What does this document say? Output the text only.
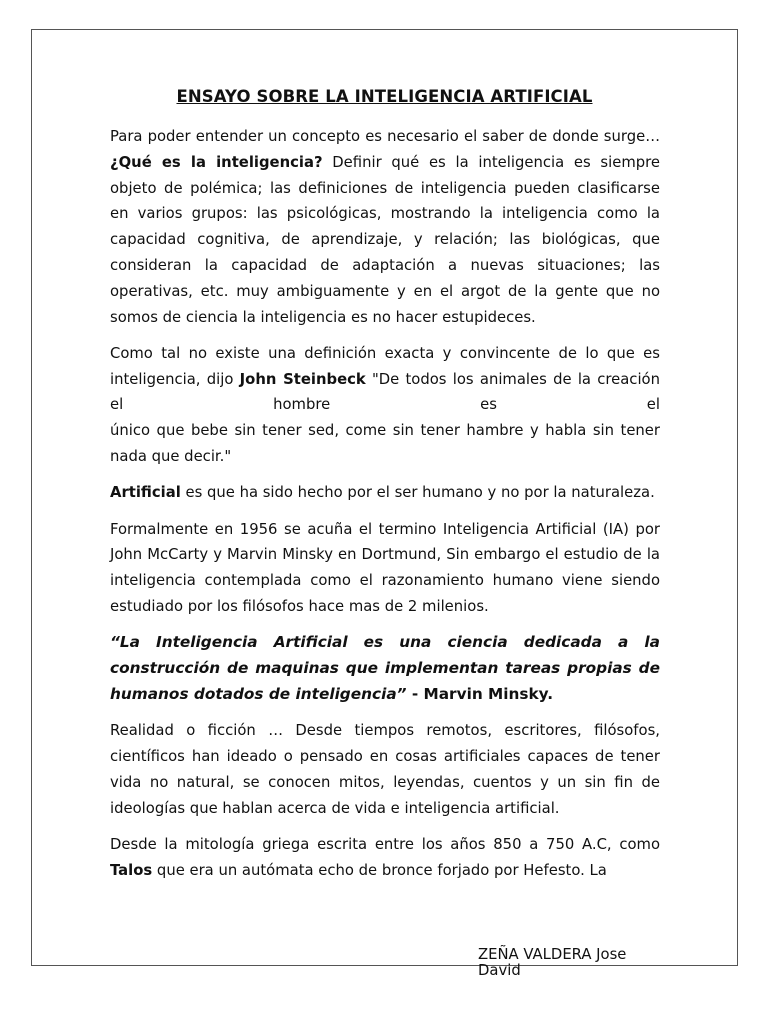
ENSAYO SOBRE LA INTELIGENCIA ARTIFICIAL

Para poder entender un concepto es necesario el saber de donde surge… ¿Qué es la inteligencia? Definir qué es la inteligencia es siempre objeto de polémica; las definiciones de inteligencia pueden clasificarse en varios grupos: las psicológicas, mostrando la inteligencia como la capacidad cognitiva, de aprendizaje, y relación; las biológicas, que consideran la capacidad de adaptación a nuevas situaciones; las operativas, etc. muy ambiguamente y en el argot de la gente que no somos de ciencia la inteligencia es no hacer estupideces.

Como tal no existe una definición exacta y convincente de lo que es inteligencia, dijo John Steinbeck "De todos los animales de la creación el hombre es el
único que bebe sin tener sed, come sin tener hambre y habla sin tener nada que decir."

Artificial es que ha sido hecho por el ser humano y no por la naturaleza.

Formalmente en 1956 se acuña el termino Inteligencia Artificial (IA) por John McCarty y Marvin Minsky en Dortmund, Sin embargo el estudio de la inteligencia contemplada como el razonamiento humano viene siendo estudiado por los filósofos hace mas de 2 milenios.

“La Inteligencia Artificial es una ciencia dedicada a la construcción de maquinas que implementan tareas propias de humanos dotados de inteligencia” - Marvin Minsky.

Realidad o ficción … Desde tiempos remotos, escritores, filósofos, científicos han ideado o pensado en cosas artificiales capaces de tener vida no natural, se conocen mitos, leyendas, cuentos y un sin fin de ideologías que hablan acerca de vida e inteligencia artificial.

Desde la mitología griega escrita entre los años 850 a 750 A.C, como Talos que era un autómata echo de bronce forjado por Hefesto. La

ZEÑA VALDERA Jose David
